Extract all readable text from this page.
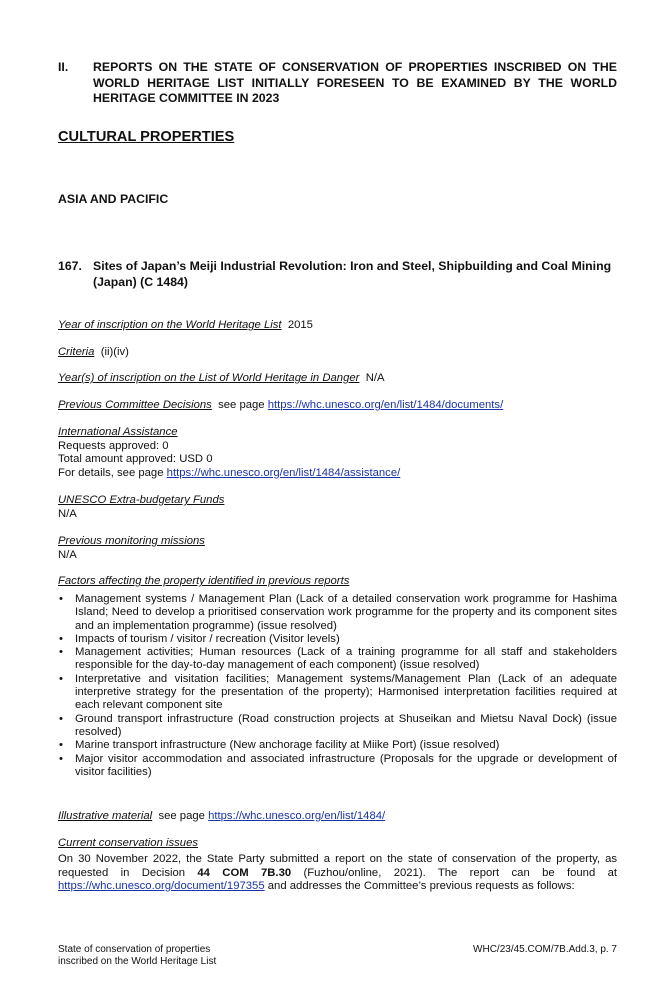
II. REPORTS ON THE STATE OF CONSERVATION OF PROPERTIES INSCRIBED ON THE WORLD HERITAGE LIST INITIALLY FORESEEN TO BE EXAMINED BY THE WORLD HERITAGE COMMITTEE IN 2023
CULTURAL PROPERTIES
ASIA AND PACIFIC
167. Sites of Japan’s Meiji Industrial Revolution: Iron and Steel, Shipbuilding and Coal Mining (Japan) (C 1484)
Year of inscription on the World Heritage List 2015
Criteria (ii)(iv)
Year(s) of inscription on the List of World Heritage in Danger N/A
Previous Committee Decisions see page https://whc.unesco.org/en/list/1484/documents/
International Assistance
Requests approved: 0
Total amount approved: USD 0
For details, see page https://whc.unesco.org/en/list/1484/assistance/
UNESCO Extra-budgetary Funds
N/A
Previous monitoring missions
N/A
Factors affecting the property identified in previous reports
• Management systems / Management Plan (Lack of a detailed conservation work programme for Hashima Island; Need to develop a prioritised conservation work programme for the property and its component sites and an implementation programme) (issue resolved)
• Impacts of tourism / visitor / recreation (Visitor levels)
• Management activities; Human resources (Lack of a training programme for all staff and stakeholders responsible for the day-to-day management of each component) (issue resolved)
• Interpretative and visitation facilities; Management systems/Management Plan (Lack of an adequate interpretive strategy for the presentation of the property); Harmonised interpretation facilities required at each relevant component site
• Ground transport infrastructure (Road construction projects at Shuseikan and Mietsu Naval Dock) (issue resolved)
• Marine transport infrastructure (New anchorage facility at Miike Port) (issue resolved)
• Major visitor accommodation and associated infrastructure (Proposals for the upgrade or development of visitor facilities)
Illustrative material see page https://whc.unesco.org/en/list/1484/
Current conservation issues
On 30 November 2022, the State Party submitted a report on the state of conservation of the property, as requested in Decision 44 COM 7B.30 (Fuzhou/online, 2021). The report can be found at https://whc.unesco.org/document/197355 and addresses the Committee’s previous requests as follows:
State of conservation of properties
inscribed on the World Heritage List
WHC/23/45.COM/7B.Add.3, p. 7
